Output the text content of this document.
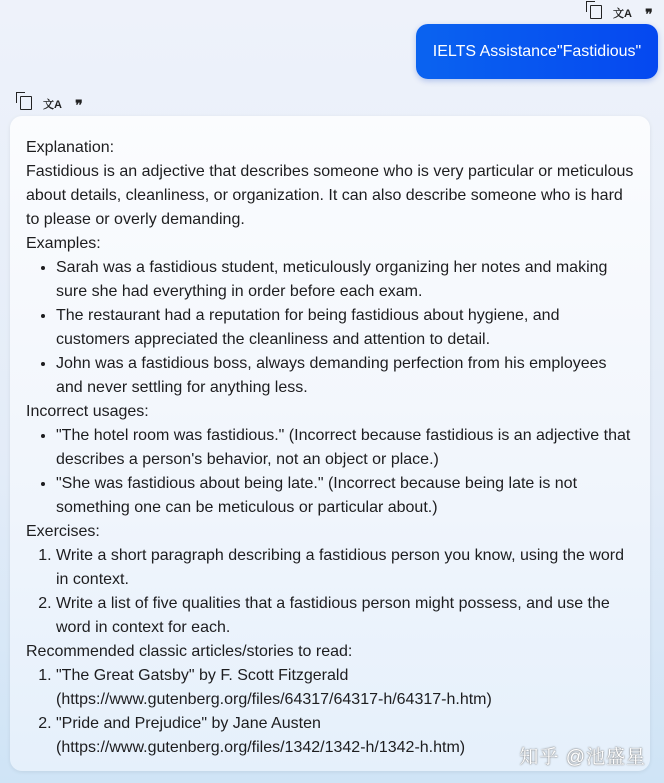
文A ❞
IELTS Assistance"Fastidious"
文A ❞

Explanation:

Fastidious is an adjective that describes someone who is very particular or meticulous about details, cleanliness, or organization. It can also describe someone who is hard to please or overly demanding.

Examples:

• Sarah was a fastidious student, meticulously organizing her notes and making sure she had everything in order before each exam.
• The restaurant had a reputation for being fastidious about hygiene, and customers appreciated the cleanliness and attention to detail.
• John was a fastidious boss, always demanding perfection from his employees and never settling for anything less.

Incorrect usages:

• "The hotel room was fastidious." (Incorrect because fastidious is an adjective that describes a person's behavior, not an object or place.)
• "She was fastidious about being late." (Incorrect because being late is not something one can be meticulous or particular about.)

Exercises:

1. Write a short paragraph describing a fastidious person you know, using the word in context.
2. Write a list of five qualities that a fastidious person might possess, and use the word in context for each.

Recommended classic articles/stories to read:

1. "The Great Gatsby" by F. Scott Fitzgerald (https://www.gutenberg.org/files/64317/64317-h/64317-h.htm)
2. "Pride and Prejudice" by Jane Austen (https://www.gutenberg.org/files/1342/1342-h/1342-h.htm)	知乎 @池盛星
